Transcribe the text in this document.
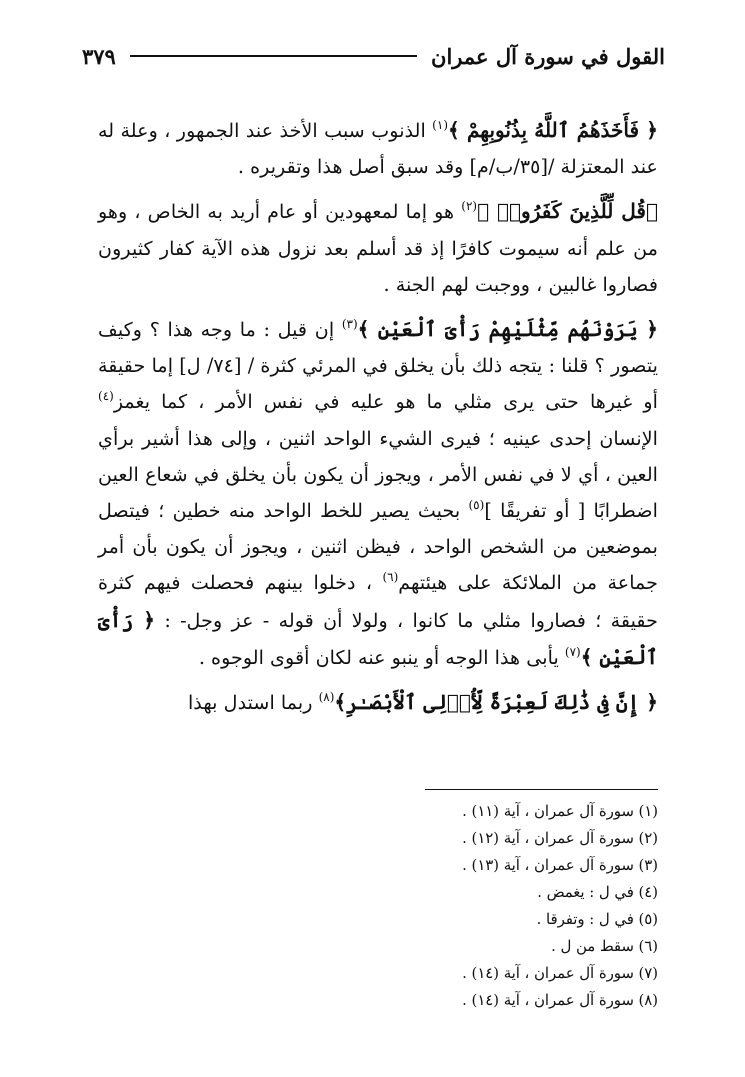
القول في سورة آل عمران
٣٧٩

﴿ فَأَخَذَهُمُ ٱللَّهُ بِذُنُوبِهِمْ ﴾$^{(١)}$ الذنوب سبب الأخذ عند الجمهور ، وعلة له عند المعتزلة /[٣٥/ب/م] وقد سبق أصل هذا وتقريره .

﴿قُل لِّلَّذِينَ كَفَرُوا۟ ﴾$^{(٢)}$ هو إما لمعهودين أو عام أريد به الخاص ، وهو من علم أنه سيموت كافرًا إذ قد أسلم بعد نزول هذه الآية كفار كثيرون فصاروا غالبين ، ووجبت لهم الجنة .

﴿ يَرَوْنَهُم مِّثْلَيْهِمْ رَأْىَ ٱلْعَيْنِ ﴾$^{(٣)}$ إن قيل : ما وجه هذا ؟ وكيف يتصور ؟ قلنا : يتجه ذلك بأن يخلق في المرئي كثرة / [٧٤/ ل] إما حقيقة أو غيرها حتى يرى مثلي ما هو عليه في نفس الأمر ، كما يغمز$^{(٤)}$ الإنسان إحدى عينيه ؛ فيرى الشيء الواحد اثنين ، وإلى هذا أشير برأي العين ، أي لا في نفس الأمر ، ويجوز أن يكون بأن يخلق في شعاع العين اضطرابًا [ أو تفريقًا ]$^{(٥)}$ بحيث يصير للخط الواحد منه خطين ؛ فيتصل بموضعين من الشخص الواحد ، فيظن اثنين ، ويجوز أن يكون بأن أمر جماعة من الملائكة على هيئتهم$^{(٦)}$ ، دخلوا بينهم فحصلت فيهم كثرة حقيقة ؛ فصاروا مثلي ما كانوا ، ولولا أن قوله - عز وجل- : ﴿ رَأْىَ ٱلْعَيْنِ ﴾$^{(٧)}$ يأبى هذا الوجه أو ينبو عنه لكان أقوى الوجوه .

﴿ إِنَّ فِى ذَٰلِكَ لَعِبْرَةً لِّأُو۟لِى ٱلْأَبْصَـٰرِ﴾$^{(٨)}$ ربما استدل بهذا

(١) سورة آل عمران ، آية (١١) .
(٢) سورة آل عمران ، آية (١٢) .
(٣) سورة آل عمران ، آية (١٣) .
(٤) في ل : يغمض .
(٥) في ل : وتفرقا .
(٦) سقط من ل .
(٧) سورة آل عمران ، آية (١٤) .
(٨) سورة آل عمران ، آية (١٤) .
